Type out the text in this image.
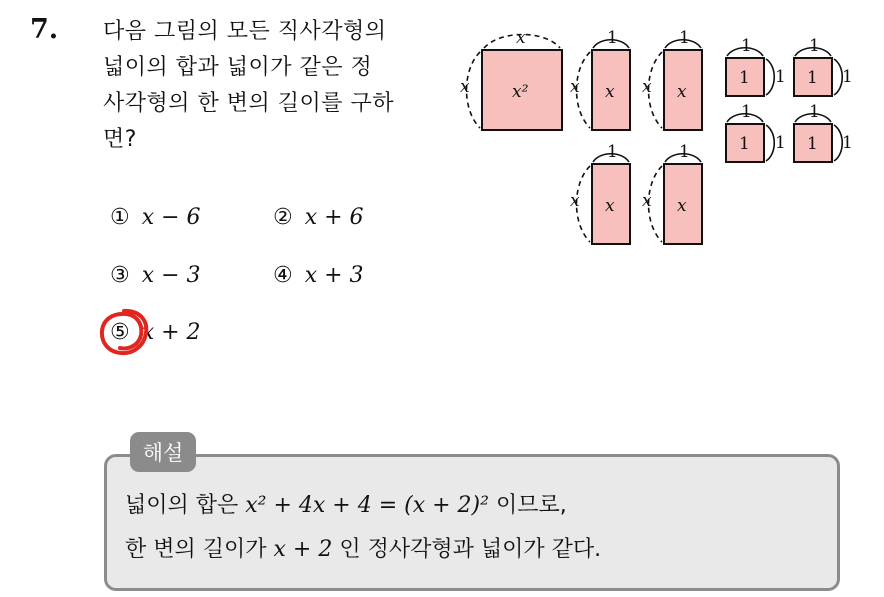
7. 다음 그림의 모든 직사각형의
넓이의 합과 넓이가 같은 정
사각형의 한 변의 길이를 구하
면?
① x − 6	② x + 6
③ x − 3	④ x + 3
⑤ x + 2
x²
x
x	x
1
x	x
1
x
x
1
x	x
1
x
1
1
1 1
1
1
1
1
1 1
1
1
해설
넓이의 합은 x² + 4x + 4 = (x + 2)² 이므로,
한 변의 길이가 x + 2 인 정사각형과 넓이가 같다.
